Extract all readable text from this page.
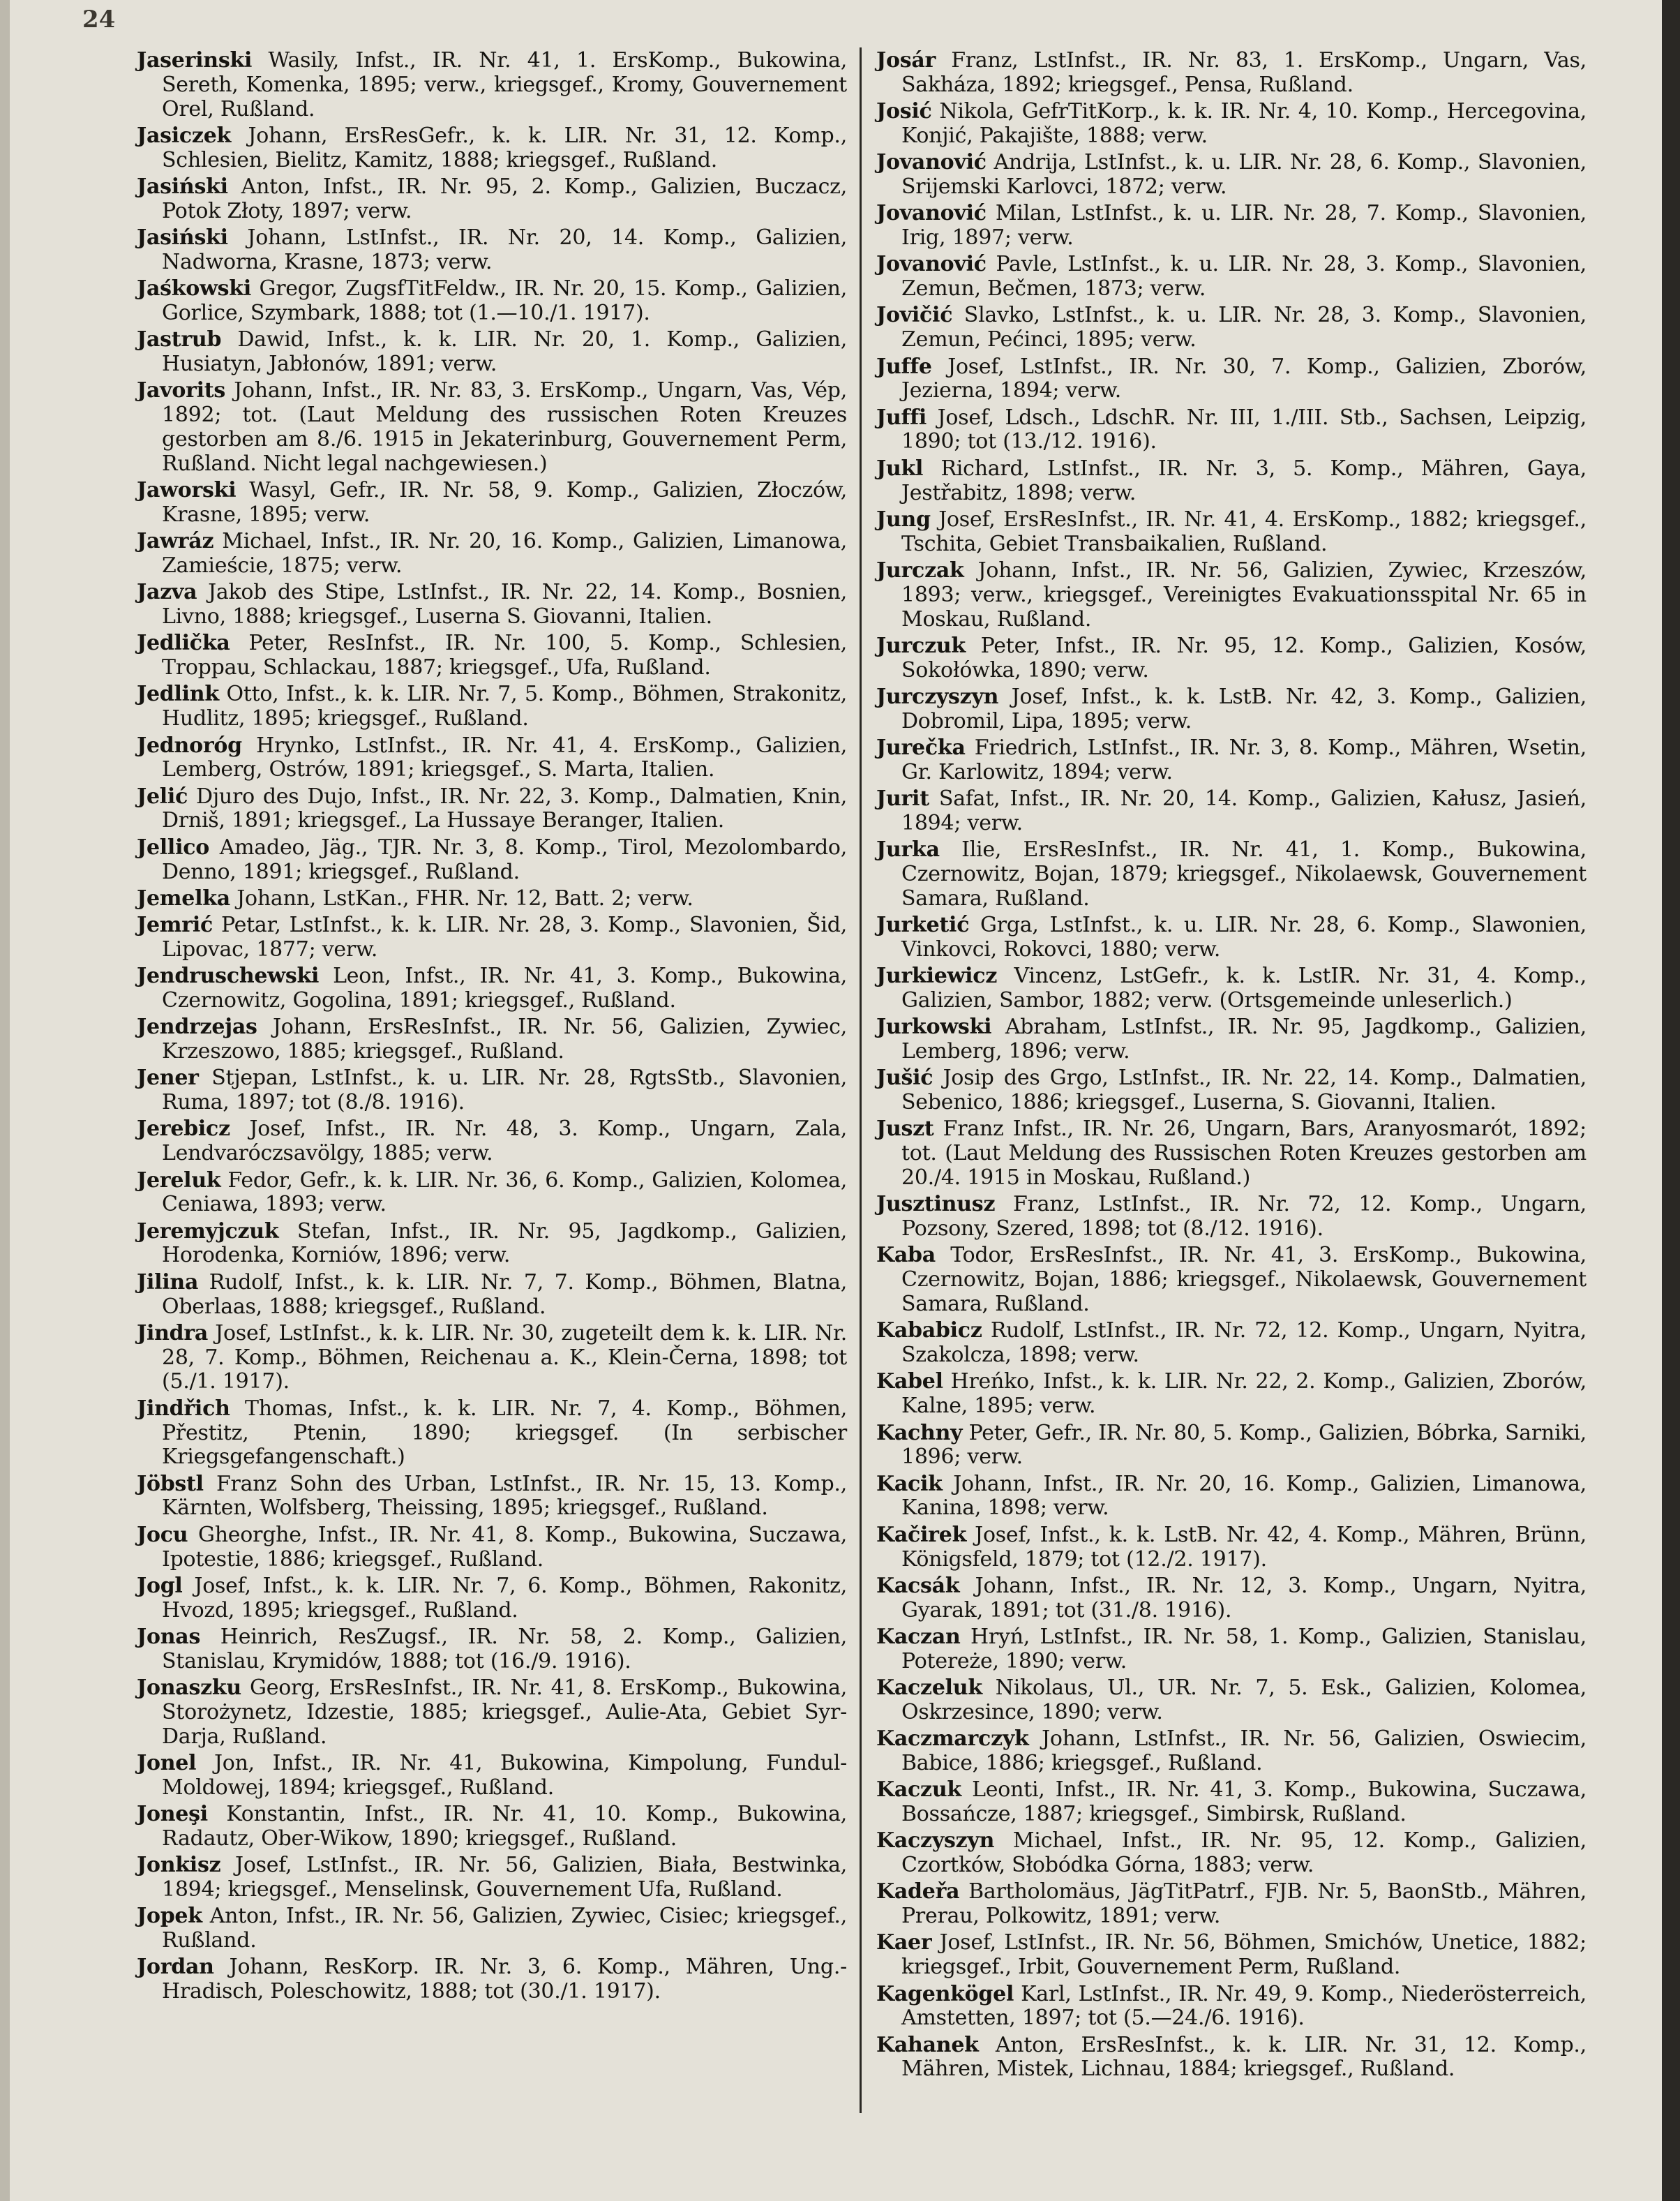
24

Jaserinski Wasily, Infst., IR. Nr. 41, 1. ErsKomp., Bukowina, Sereth, Komenka, 1895; verw., kriegsgef., Kromy, Gouvernement Orel, Rußland.

Jasiczek Johann, ErsResGefr., k. k. LIR. Nr. 31, 12. Komp., Schlesien, Bielitz, Kamitz, 1888; kriegsgef., Rußland.

Jasiński Anton, Infst., IR. Nr. 95, 2. Komp., Galizien, Buczacz, Potok Złoty, 1897; verw.

Jasiński Johann, LstInfst., IR. Nr. 20, 14. Komp., Galizien, Nadworna, Krasne, 1873; verw.

Jaśkowski Gregor, ZugsfTitFeldw., IR. Nr. 20, 15. Komp., Galizien, Gorlice, Szymbark, 1888; tot (1.—10./1. 1917).

Jastrub Dawid, Infst., k. k. LIR. Nr. 20, 1. Komp., Galizien, Husiatyn, Jabłonów, 1891; verw.

Javorits Johann, Infst., IR. Nr. 83, 3. ErsKomp., Ungarn, Vas, Vép, 1892; tot. (Laut Meldung des russischen Roten Kreuzes gestorben am 8./6. 1915 in Jekaterinburg, Gouvernement Perm, Rußland. Nicht legal nachgewiesen.)

Jaworski Wasyl, Gefr., IR. Nr. 58, 9. Komp., Galizien, Złoczów, Krasne, 1895; verw.

Jawráz Michael, Infst., IR. Nr. 20, 16. Komp., Galizien, Limanowa, Zamieście, 1875; verw.

Jazva Jakob des Stipe, LstInfst., IR. Nr. 22, 14. Komp., Bosnien, Livno, 1888; kriegsgef., Luserna S. Giovanni, Italien.

Jedlička Peter, ResInfst., IR. Nr. 100, 5. Komp., Schlesien, Troppau, Schlackau, 1887; kriegsgef., Ufa, Rußland.

Jedlink Otto, Infst., k. k. LIR. Nr. 7, 5. Komp., Böhmen, Strakonitz, Hudlitz, 1895; kriegsgef., Rußland.

Jednoróg Hrynko, LstInfst., IR. Nr. 41, 4. ErsKomp., Galizien, Lemberg, Ostrów, 1891; kriegsgef., S. Marta, Italien.

Jelić Djuro des Dujo, Infst., IR. Nr. 22, 3. Komp., Dalmatien, Knin, Drniš, 1891; kriegsgef., La Hussaye Beranger, Italien.

Jellico Amadeo, Jäg., TJR. Nr. 3, 8. Komp., Tirol, Mezolombardo, Denno, 1891; kriegsgef., Rußland.

Jemelka Johann, LstKan., FHR. Nr. 12, Batt. 2; verw.

Jemrić Petar, LstInfst., k. k. LIR. Nr. 28, 3. Komp., Slavonien, Šid, Lipovac, 1877; verw.

Jendruschewski Leon, Infst., IR. Nr. 41, 3. Komp., Bukowina, Czernowitz, Gogolina, 1891; kriegsgef., Rußland.

Jendrzejas Johann, ErsResInfst., IR. Nr. 56, Galizien, Zywiec, Krzeszowo, 1885; kriegsgef., Rußland.

Jener Stjepan, LstInfst., k. u. LIR. Nr. 28, RgtsStb., Slavonien, Ruma, 1897; tot (8./8. 1916).

Jerebicz Josef, Infst., IR. Nr. 48, 3. Komp., Ungarn, Zala, Lendvaróczsavölgy, 1885; verw.

Jereluk Fedor, Gefr., k. k. LIR. Nr. 36, 6. Komp., Galizien, Kolomea, Ceniawa, 1893; verw.

Jeremyjczuk Stefan, Infst., IR. Nr. 95, Jagdkomp., Galizien, Horodenka, Korniów, 1896; verw.

Jilina Rudolf, Infst., k. k. LIR. Nr. 7, 7. Komp., Böhmen, Blatna, Oberlaas, 1888; kriegsgef., Rußland.

Jindra Josef, LstInfst., k. k. LIR. Nr. 30, zugeteilt dem k. k. LIR. Nr. 28, 7. Komp., Böhmen, Reichenau a. K., Klein-Černa, 1898; tot (5./1. 1917).

Jindřich Thomas, Infst., k. k. LIR. Nr. 7, 4. Komp., Böhmen, Přestitz, Ptenin, 1890; kriegsgef. (In serbischer Kriegsgefangenschaft.)

Jöbstl Franz Sohn des Urban, LstInfst., IR. Nr. 15, 13. Komp., Kärnten, Wolfsberg, Theissing, 1895; kriegsgef., Rußland.

Jocu Gheorghe, Infst., IR. Nr. 41, 8. Komp., Bukowina, Suczawa, Ipotestie, 1886; kriegsgef., Rußland.

Jogl Josef, Infst., k. k. LIR. Nr. 7, 6. Komp., Böhmen, Rakonitz, Hvozd, 1895; kriegsgef., Rußland.

Jonas Heinrich, ResZugsf., IR. Nr. 58, 2. Komp., Galizien, Stanislau, Krymidów, 1888; tot (16./9. 1916).

Jonaszku Georg, ErsResInfst., IR. Nr. 41, 8. ErsKomp., Bukowina, Storożynetz, Idzestie, 1885; kriegsgef., Aulie-Ata, Gebiet Syr-Darja, Rußland.

Jonel Jon, Infst., IR. Nr. 41, Bukowina, Kimpolung, Fundul-Moldowej, 1894; kriegsgef., Rußland.

Joneşi Konstantin, Infst., IR. Nr. 41, 10. Komp., Bukowina, Radautz, Ober-Wikow, 1890; kriegsgef., Rußland.

Jonkisz Josef, LstInfst., IR. Nr. 56, Galizien, Biała, Bestwinka, 1894; kriegsgef., Menselinsk, Gouvernement Ufa, Rußland.

Jopek Anton, Infst., IR. Nr. 56, Galizien, Zywiec, Cisiec; kriegsgef., Rußland.

Jordan Johann, ResKorp. IR. Nr. 3, 6. Komp., Mähren, Ung.-Hradisch, Poleschowitz, 1888; tot (30./1. 1917).

Josár Franz, LstInfst., IR. Nr. 83, 1. ErsKomp., Ungarn, Vas, Sakháza, 1892; kriegsgef., Pensa, Rußland.

Josić Nikola, GefrTitKorp., k. k. IR. Nr. 4, 10. Komp., Hercegovina, Konjić, Pakajište, 1888; verw.

Jovanović Andrija, LstInfst., k. u. LIR. Nr. 28, 6. Komp., Slavonien, Srijemski Karlovci, 1872; verw.

Jovanović Milan, LstInfst., k. u. LIR. Nr. 28, 7. Komp., Slavonien, Irig, 1897; verw.

Jovanović Pavle, LstInfst., k. u. LIR. Nr. 28, 3. Komp., Slavonien, Zemun, Bečmen, 1873; verw.

Jovičić Slavko, LstInfst., k. u. LIR. Nr. 28, 3. Komp., Slavonien, Zemun, Pećinci, 1895; verw.

Juffe Josef, LstInfst., IR. Nr. 30, 7. Komp., Galizien, Zborów, Jezierna, 1894; verw.

Juffi Josef, Ldsch., LdschR. Nr. III, 1./III. Stb., Sachsen, Leipzig, 1890; tot (13./12. 1916).

Jukl Richard, LstInfst., IR. Nr. 3, 5. Komp., Mähren, Gaya, Jestřabitz, 1898; verw.

Jung Josef, ErsResInfst., IR. Nr. 41, 4. ErsKomp., 1882; kriegsgef., Tschita, Gebiet Transbaikalien, Rußland.

Jurczak Johann, Infst., IR. Nr. 56, Galizien, Zywiec, Krzeszów, 1893; verw., kriegsgef., Vereinigtes Evakuationsspital Nr. 65 in Moskau, Rußland.

Jurczuk Peter, Infst., IR. Nr. 95, 12. Komp., Galizien, Kosów, Sokołówka, 1890; verw.

Jurczyszyn Josef, Infst., k. k. LstB. Nr. 42, 3. Komp., Galizien, Dobromil, Lipa, 1895; verw.

Jurečka Friedrich, LstInfst., IR. Nr. 3, 8. Komp., Mähren, Wsetin, Gr. Karlowitz, 1894; verw.

Jurit Safat, Infst., IR. Nr. 20, 14. Komp., Galizien, Kałusz, Jasień, 1894; verw.

Jurka Ilie, ErsResInfst., IR. Nr. 41, 1. Komp., Bukowina, Czernowitz, Bojan, 1879; kriegsgef., Nikolaewsk, Gouvernement Samara, Rußland.

Jurketić Grga, LstInfst., k. u. LIR. Nr. 28, 6. Komp., Slawonien, Vinkovci, Rokovci, 1880; verw.

Jurkiewicz Vincenz, LstGefr., k. k. LstIR. Nr. 31, 4. Komp., Galizien, Sambor, 1882; verw. (Ortsgemeinde unleserlich.)

Jurkowski Abraham, LstInfst., IR. Nr. 95, Jagdkomp., Galizien, Lemberg, 1896; verw.

Jušić Josip des Grgo, LstInfst., IR. Nr. 22, 14. Komp., Dalmatien, Sebenico, 1886; kriegsgef., Luserna, S. Giovanni, Italien.

Juszt Franz Infst., IR. Nr. 26, Ungarn, Bars, Aranyosmarót, 1892; tot. (Laut Meldung des Russischen Roten Kreuzes gestorben am 20./4. 1915 in Moskau, Rußland.)

Jusztinusz Franz, LstInfst., IR. Nr. 72, 12. Komp., Ungarn, Pozsony, Szered, 1898; tot (8./12. 1916).

Kaba Todor, ErsResInfst., IR. Nr. 41, 3. ErsKomp., Bukowina, Czernowitz, Bojan, 1886; kriegsgef., Nikolaewsk, Gouvernement Samara, Rußland.

Kababicz Rudolf, LstInfst., IR. Nr. 72, 12. Komp., Ungarn, Nyitra, Szakolcza, 1898; verw.

Kabel Hreńko, Infst., k. k. LIR. Nr. 22, 2. Komp., Galizien, Zborów, Kalne, 1895; verw.

Kachny Peter, Gefr., IR. Nr. 80, 5. Komp., Galizien, Bóbrka, Sarniki, 1896; verw.

Kacik Johann, Infst., IR. Nr. 20, 16. Komp., Galizien, Limanowa, Kanina, 1898; verw.

Kačirek Josef, Infst., k. k. LstB. Nr. 42, 4. Komp., Mähren, Brünn, Königsfeld, 1879; tot (12./2. 1917).

Kacsák Johann, Infst., IR. Nr. 12, 3. Komp., Ungarn, Nyitra, Gyarak, 1891; tot (31./8. 1916).

Kaczan Hryń, LstInfst., IR. Nr. 58, 1. Komp., Galizien, Stanislau, Potereże, 1890; verw.

Kaczeluk Nikolaus, Ul., UR. Nr. 7, 5. Esk., Galizien, Kolomea, Oskrzesince, 1890; verw.

Kaczmarczyk Johann, LstInfst., IR. Nr. 56, Galizien, Oswiecim, Babice, 1886; kriegsgef., Rußland.

Kaczuk Leonti, Infst., IR. Nr. 41, 3. Komp., Bukowina, Suczawa, Bossańcze, 1887; kriegsgef., Simbirsk, Rußland.

Kaczyszyn Michael, Infst., IR. Nr. 95, 12. Komp., Galizien, Czortków, Słobódka Górna, 1883; verw.

Kadeřa Bartholomäus, JägTitPatrf., FJB. Nr. 5, BaonStb., Mähren, Prerau, Polkowitz, 1891; verw.

Kaer Josef, LstInfst., IR. Nr. 56, Böhmen, Smichów, Unetice, 1882; kriegsgef., Irbit, Gouvernement Perm, Rußland.

Kagenkögel Karl, LstInfst., IR. Nr. 49, 9. Komp., Niederösterreich, Amstetten, 1897; tot (5.—24./6. 1916).

Kahanek Anton, ErsResInfst., k. k. LIR. Nr. 31, 12. Komp., Mähren, Mistek, Lichnau, 1884; kriegsgef., Rußland.
